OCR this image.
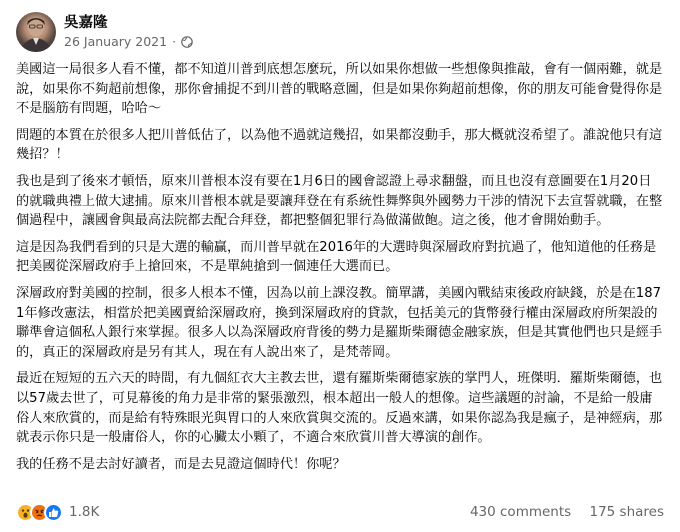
吳嘉隆
26 January 2021 ·

美國這一局很多人看不懂，都不知道川普到底想怎麼玩，所以如果你想做一些想像與推敲，會有一個兩難，就是說，如果你不夠超前想像，那你會捕捉不到川普的戰略意圖，但是如果你夠超前想像，你的朋友可能會覺得你是不是腦筋有問題，哈哈￼～

問題的本質在於很多人把川普低估了，以為他不過就這幾招，如果都沒動手，那大概就沒希望了。￼誰說他只有這幾招？！ ￼

我也是到了後來才頓悟，原來川普根本沒有要在1月6日的國會認證上尋求翻盤，而且也沒有意圖要在1月20日的就職典禮上做大逮捕。原來川普根本就是要讓拜登在有系統性舞弊與外國勢力干涉的情況下去宣誓就職，在整個過程中，￼讓國會與最高法院都去配合拜登，都把整個犯罪行為做滿做飽。這之後，他才會開始動手。

這是因為我們看到的只是大選的輸贏，而川普早就在2016年的大選時與深層政府對抗過了，他知道他的任務是把美國從深層政府手上搶回來，不是單純搶到一個連任大選而已￼。

深層政府對美國的控制，很多人根本不懂，因為以前上課沒教。簡單講，美國內戰結束後政府缺錢，於是在1871年修改憲法，相當於把美國賣給深層政府，換到深層政府的貸款￼，包括美元的貨幣發行權由深層政府所架設的聯準會這個私人銀行來掌握。￼很多人以為深層政府背後的勢力是羅斯柴爾德金融家族，但是其實他們也只是經手的，真正的深層政府是另有其人，現在有人說出來了，是梵蒂岡￼。

最近在短短的五六天的時間，有九個紅衣大主教去世，還有羅斯柴爾德家族的掌門人，班傑明．羅斯柴爾德，也以57歲去世了，可見幕後的角力是非常的緊張激烈，根本超出一般人的想像￼￼。這些議題的討論，不是給一般庸俗人來欣賞的，而是給有特殊眼光與胃口的人來欣賞與交流的。￼反過來講，如果你認為我是瘋子，是神經病，那就表示你只是一般庸俗人，你的心臟太小顆了，不適合來欣賞川普大導演的創作。￼

我的任務不是去討好讀者，而是去見證這個時代！你呢？ ￼

1.8K	430 comments 175 shares
